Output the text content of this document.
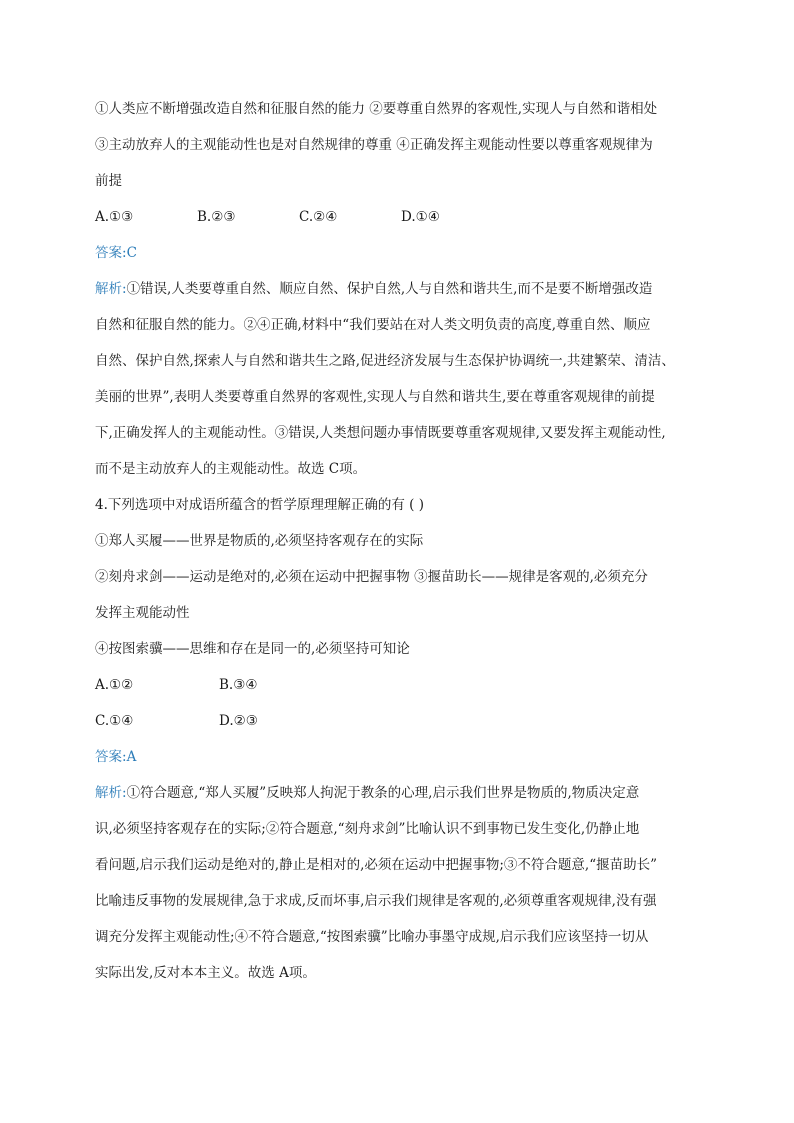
①人类应不断增强改造自然和征服自然的能力 ②要尊重自然界的客观性,实现人与自然和谐相处
③主动放弃人的主观能动性也是对自然规律的尊重 ④正确发挥主观能动性要以尊重客观规律为
前提
A.①③	B.②③	C.②④	D.①④
答案:C
解析:①错误,人类要尊重自然、顺应自然、保护自然,人与自然和谐共生,而不是要不断增强改造
自然和征服自然的能力。②④正确,材料中“我们要站在对人类文明负责的高度,尊重自然、顺应
自然、保护自然,探索人与自然和谐共生之路,促进经济发展与生态保护协调统一,共建繁荣、清洁、
美丽的世界”,表明人类要尊重自然界的客观性,实现人与自然和谐共生,要在尊重客观规律的前提
下,正确发挥人的主观能动性。③错误,人类想问题办事情既要尊重客观规律,又要发挥主观能动性,
而不是主动放弃人的主观能动性。故选 C项。
4.下列选项中对成语所蕴含的哲学原理理解正确的有 ( )
①郑人买履——世界是物质的,必须坚持客观存在的实际
②刻舟求剑——运动是绝对的,必须在运动中把握事物 ③揠苗助长——规律是客观的,必须充分
发挥主观能动性
④按图索骥——思维和存在是同一的,必须坚持可知论
A.①②	B.③④
C.①④	D.②③
答案:A
解析:①符合题意,“郑人买履”反映郑人拘泥于教条的心理,启示我们世界是物质的,物质决定意
识,必须坚持客观存在的实际;②符合题意,“刻舟求剑”比喻认识不到事物已发生变化,仍静止地
看问题,启示我们运动是绝对的,静止是相对的,必须在运动中把握事物;③不符合题意,“揠苗助长”
比喻违反事物的发展规律,急于求成,反而坏事,启示我们规律是客观的,必须尊重客观规律,没有强
调充分发挥主观能动性;④不符合题意,“按图索骥”比喻办事墨守成规,启示我们应该坚持一切从
实际出发,反对本本主义。故选 A项。
